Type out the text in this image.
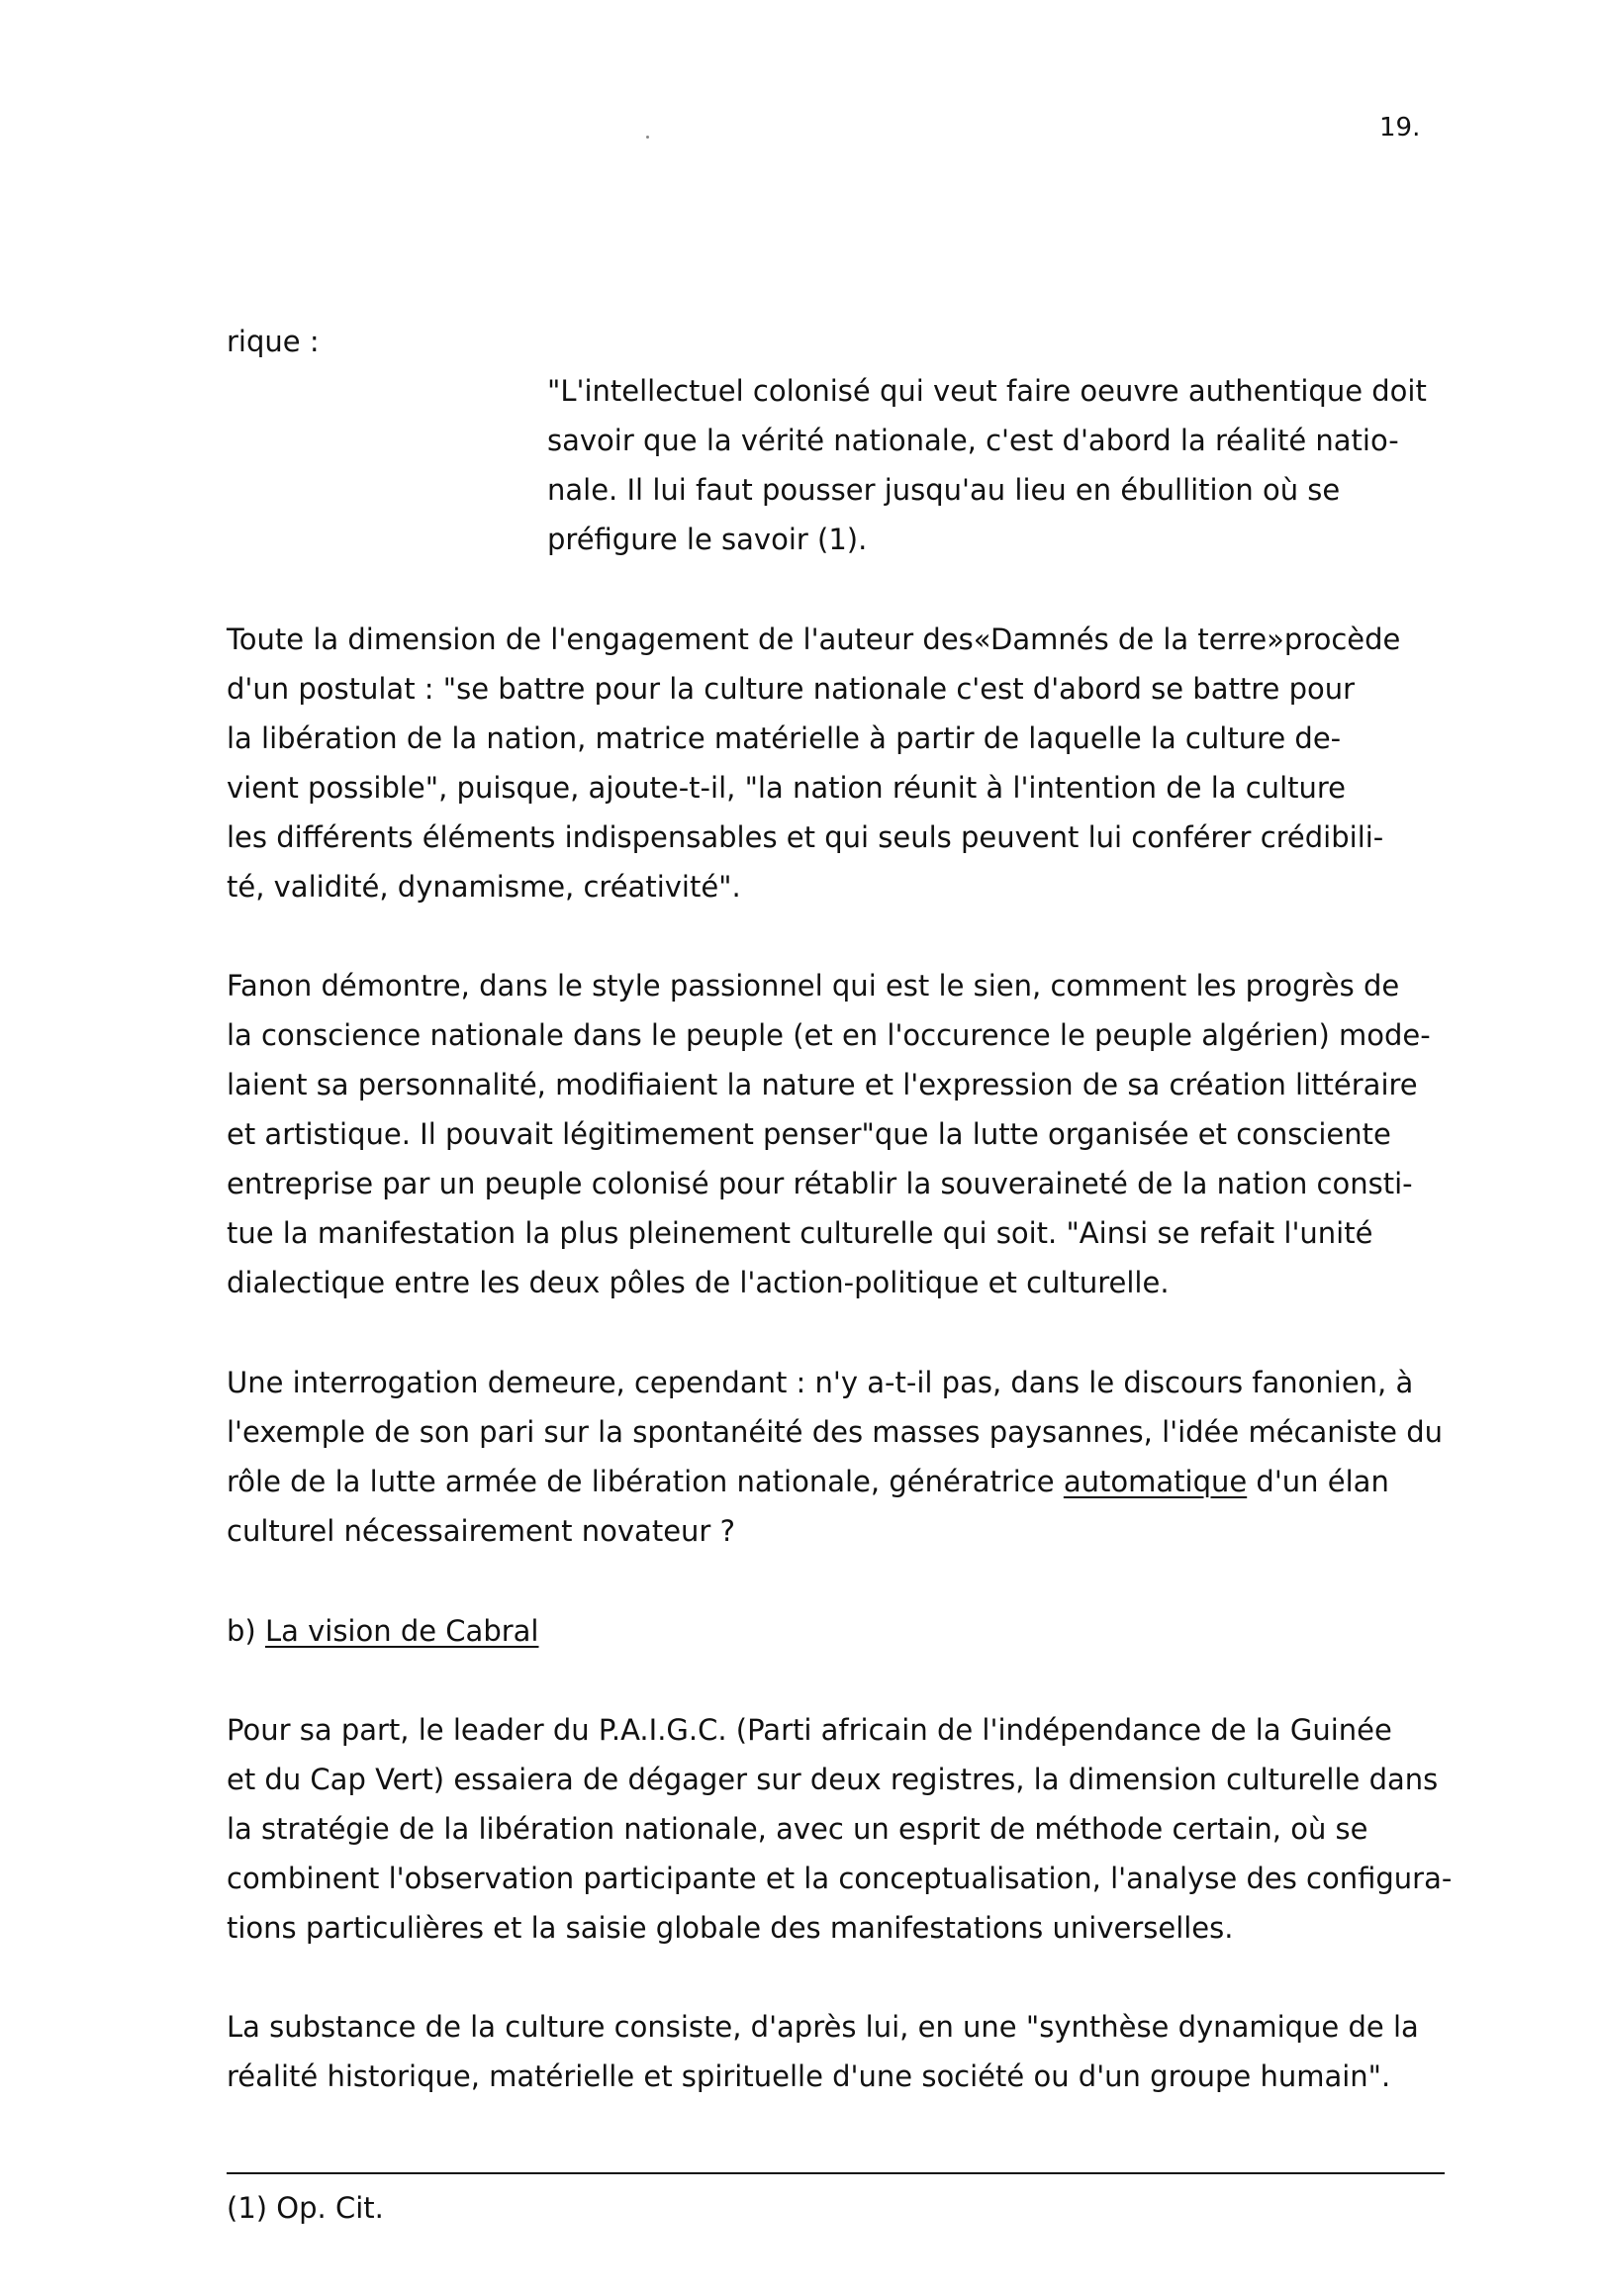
19.
rique :
"L'intellectuel colonisé qui veut faire oeuvre authentique doit
savoir que la vérité nationale, c'est d'abord la réalité natio-
nale. Il lui faut pousser jusqu'au lieu en ébullition où se
préfigure le savoir (1).
Toute la dimension de l'engagement de l'auteur des«Damnés de la terre»procède
d'un postulat : "se battre pour la culture nationale c'est d'abord se battre pour
la libération de la nation, matrice matérielle à partir de laquelle la culture de-
vient possible", puisque, ajoute-t-il, "la nation réunit à l'intention de la culture
les différents éléments indispensables et qui seuls peuvent lui conférer crédibili-
té, validité, dynamisme, créativité".
Fanon démontre, dans le style passionnel qui est le sien, comment les progrès de
la conscience nationale dans le peuple (et en l'occurence le peuple algérien) mode-
laient sa personnalité, modifiaient la nature et l'expression de sa création littéraire
et artistique. Il pouvait légitimement penser"que la lutte organisée et consciente
entreprise par un peuple colonisé pour rétablir la souveraineté de la nation consti-
tue la manifestation la plus pleinement culturelle qui soit. "Ainsi se refait l'unité
dialectique entre les deux pôles de l'action-politique et culturelle.
Une interrogation demeure, cependant : n'y a-t-il pas, dans le discours fanonien, à
l'exemple de son pari sur la spontanéité des masses paysannes, l'idée mécaniste du
rôle de la lutte armée de libération nationale, génératrice automatique d'un élan
culturel nécessairement novateur ?
b) La vision de Cabral
Pour sa part, le leader du P.A.I.G.C. (Parti africain de l'indépendance de la Guinée
et du Cap Vert) essaiera de dégager sur deux registres, la dimension culturelle dans
la stratégie de la libération nationale, avec un esprit de méthode certain, où se
combinent l'observation participante et la conceptualisation, l'analyse des configura-
tions particulières et la saisie globale des manifestations universelles.
La substance de la culture consiste, d'après lui, en une "synthèse dynamique de la
réalité historique, matérielle et spirituelle d'une société ou d'un groupe humain".
(1) Op. Cit.
